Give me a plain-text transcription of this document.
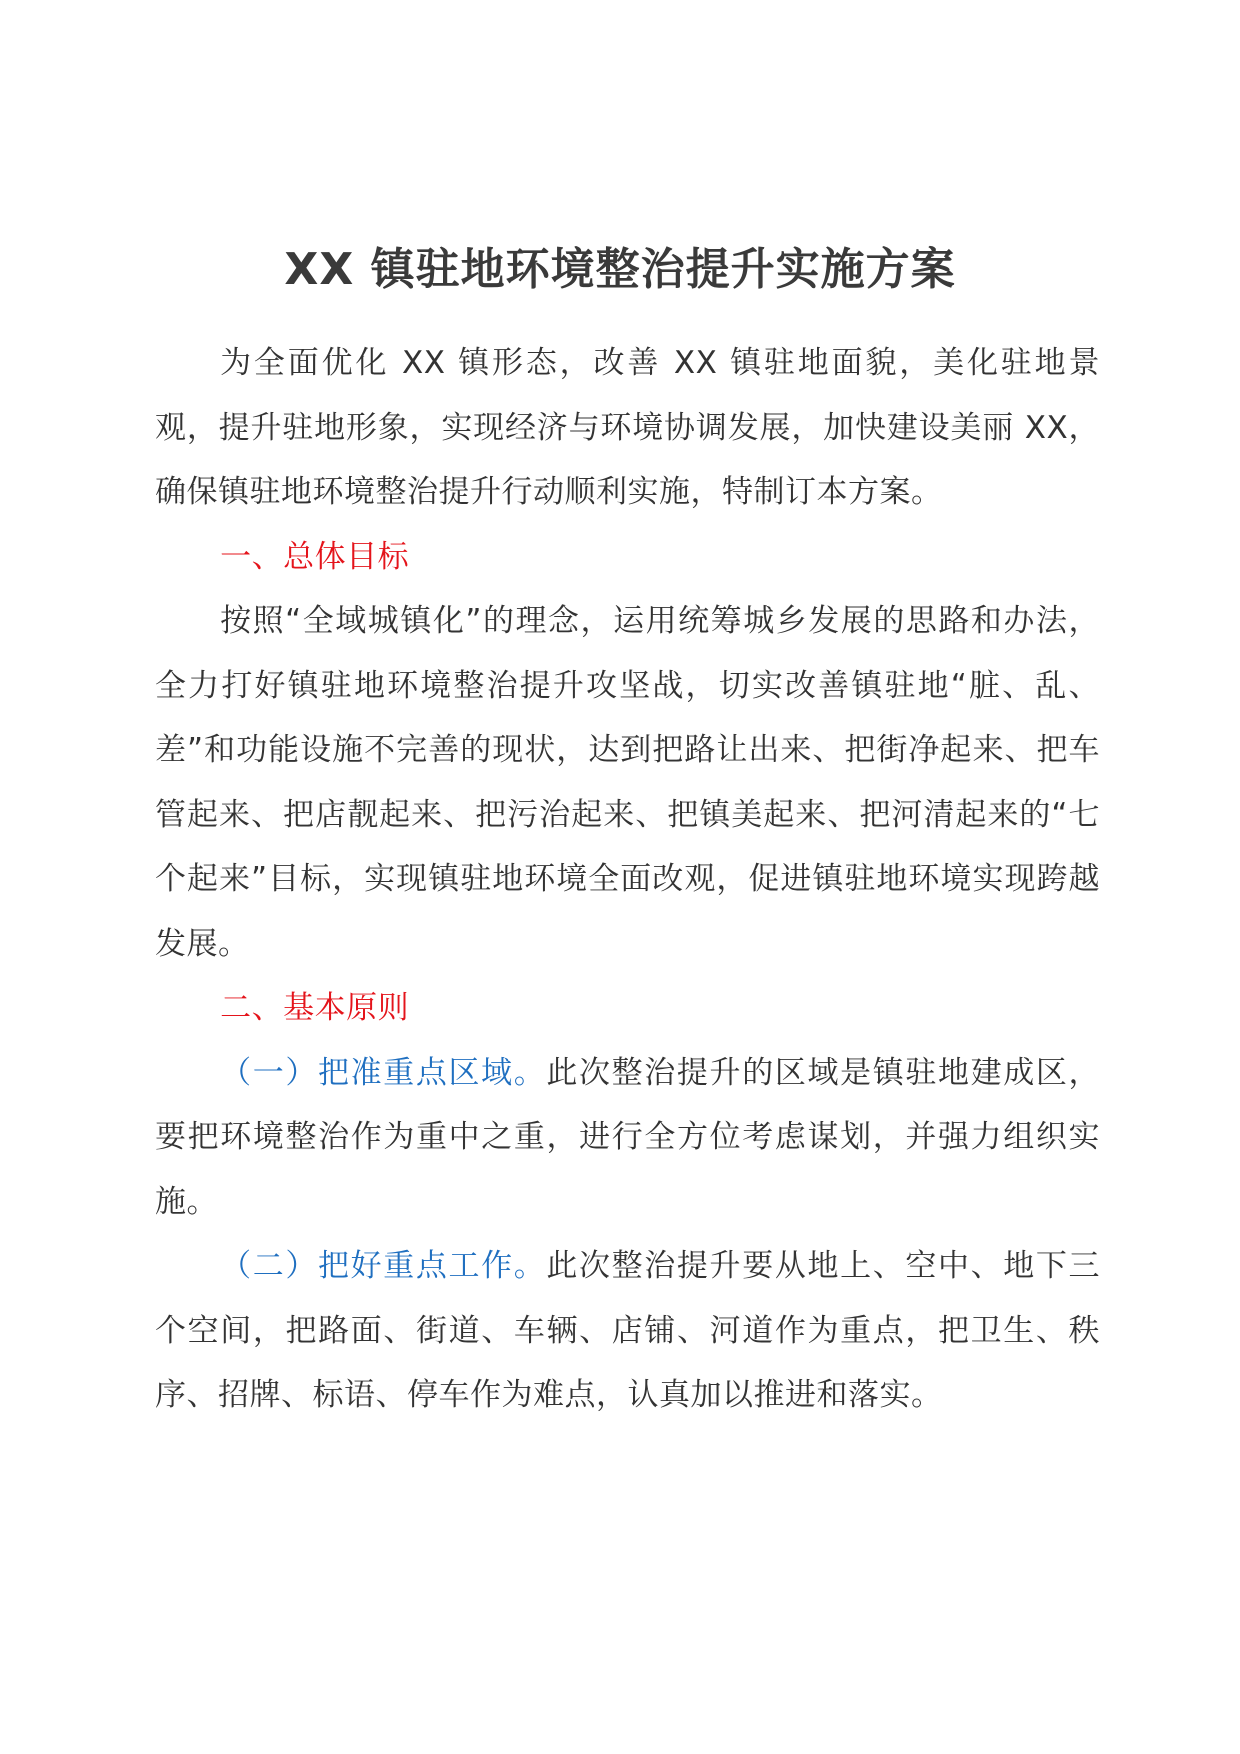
XX 镇驻地环境整治提升实施方案

为全面优化 XX 镇形态，改善 XX 镇驻地面貌，美化驻地景观，提升驻地形象，实现经济与环境协调发展，加快建设美丽 XX，确保镇驻地环境整治提升行动顺利实施，特制订本方案。

一、总体目标

按照“全域城镇化”的理念，运用统筹城乡发展的思路和办法，全力打好镇驻地环境整治提升攻坚战，切实改善镇驻地“脏、乱、差”和功能设施不完善的现状，达到把路让出来、把街净起来、把车管起来、把店靓起来、把污治起来、把镇美起来、把河清起来的“七个起来”目标，实现镇驻地环境全面改观，促进镇驻地环境实现跨越发展。

二、基本原则

（一）把准重点区域。此次整治提升的区域是镇驻地建成区，要把环境整治作为重中之重，进行全方位考虑谋划，并强力组织实施。

（二）把好重点工作。此次整治提升要从地上、空中、地下三个空间，把路面、街道、车辆、店铺、河道作为重点，把卫生、秩序、招牌、标语、停车作为难点，认真加以推进和落实。
